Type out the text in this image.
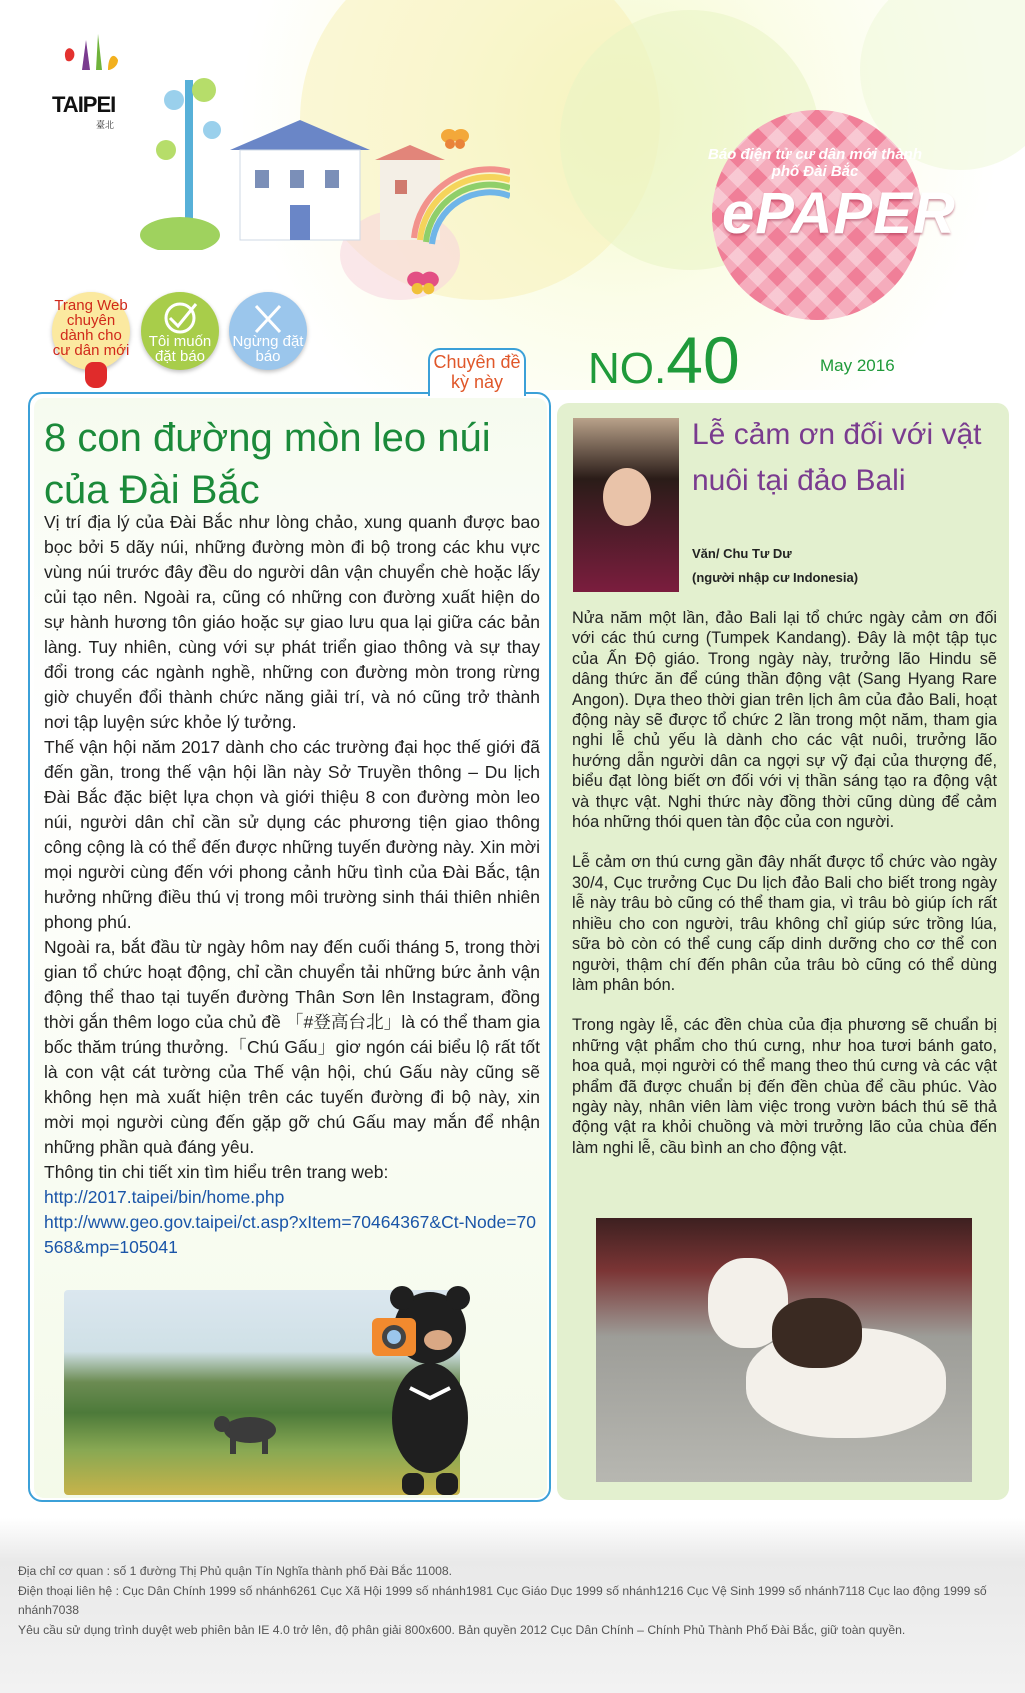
TAIPEI
臺北
Báo điện tử cư dân mới thành phố Đài Bắc
ePAPER
Trang Web chuyên dành cho cư dân mới
Tôi muốn đặt báo
Ngừng đặt báo	NO.40	May 2016
Chuyên đề kỳ này
8 con đường mòn leo núi của Đài Bắc

Vị trí địa lý của Đài Bắc như lòng chảo, xung quanh được bao bọc bởi 5 dãy núi, những đường mòn đi bộ trong các khu vực vùng núi trước đây đều do người dân vận chuyển chè hoặc lấy củi tạo nên. Ngoài ra, cũng có những con đường xuất hiện do sự hành hương tôn giáo hoặc sự giao lưu qua lại giữa các bản làng. Tuy nhiên, cùng với sự phát triển giao thông và sự thay đổi trong các ngành nghề, những con đường mòn trong rừng giờ chuyển đổi thành chức năng giải trí, và nó cũng trở thành nơi tập luyện sức khỏe lý tưởng.

Thế vận hội năm 2017 dành cho các trường đại học thế giới đã đến gần, trong thế vận hội lần này Sở Truyền thông – Du lịch Đài Bắc đặc biệt lựa chọn và giới thiệu 8 con đường mòn leo núi, người dân chỉ cần sử dụng các phương tiện giao thông công cộng là có thể đến được những tuyến đường này. Xin mời mọi người cùng đến với phong cảnh hữu tình của Đài Bắc, tận hưởng những điều thú vị trong môi trường sinh thái thiên nhiên phong phú.

Ngoài ra, bắt đầu từ ngày hôm nay đến cuối tháng 5, trong thời gian tổ chức hoạt động, chỉ cần chuyển tải những bức ảnh vận động thể thao tại tuyến đường Thân Sơn lên Instagram, đồng thời gắn thêm logo của chủ đề 「#登高台北」là có thể tham gia bốc thăm trúng thưởng.「Chú Gấu」giơ ngón cái biểu lộ rất tốt là con vật cát tường của Thế vận hội, chú Gấu này cũng sẽ không hẹn mà xuất hiện trên các tuyến đường đi bộ này, xin mời mọi người cùng đến gặp gỡ chú Gấu may mắn để nhận những phần quà đáng yêu.

Thông tin chi tiết xin tìm hiểu trên trang web:

http://2017.taipei/bin/home.php
http://www.geo.gov.taipei/ct.asp?xItem=70464367&Ct-Node=70568&mp=105041
Lễ cảm ơn đối với vật nuôi tại đảo Bali
Văn/ Chu Tư Dư
(người nhập cư Indonesia)

Nửa năm một lần, đảo Bali lại tổ chức ngày cảm ơn đối với các thú cưng (Tumpek Kandang). Đây là một tập tục của Ấn Độ giáo. Trong ngày này, trưởng lão Hindu sẽ dâng thức ăn để cúng thần động vật (Sang Hyang Rare Angon). Dựa theo thời gian trên lịch âm của đảo Bali, hoạt động này sẽ được tổ chức 2 lần trong một năm, tham gia nghi lễ chủ yếu là dành cho các vật nuôi, trưởng lão hướng dẫn người dân ca ngợi sự vỹ đại của thượng đế, biểu đạt lòng biết ơn đối với vị thần sáng tạo ra động vật và thực vật. Nghi thức này đồng thời cũng dùng để cảm hóa những thói quen tàn độc của con người.

Lễ cảm ơn thú cưng gần đây nhất được tổ chức vào ngày 30/4, Cục trưởng Cục Du lịch đảo Bali cho biết trong ngày lễ này trâu bò cũng có thể tham gia, vì trâu bò giúp ích rất nhiều cho con người, trâu không chỉ giúp sức trồng lúa, sữa bò còn có thể cung cấp dinh dưỡng cho cơ thể con người, thậm chí đến phân của trâu bò cũng có thể dùng làm phân bón.

Trong ngày lễ, các đền chùa của địa phương sẽ chuẩn bị những vật phẩm cho thú cưng, như hoa tươi bánh gato, hoa quả, mọi người có thể mang theo thú cưng và các vật phẩm đã được chuẩn bị đến đền chùa để cầu phúc. Vào ngày này, nhân viên làm việc trong vườn bách thú sẽ thả động vật ra khỏi chuồng và mời trưởng lão của chùa đến làm nghi lễ, cầu bình an cho động vật.

Địa chỉ cơ quan : số 1 đường Thị Phủ quận Tín Nghĩa thành phố Đài Bắc 11008.
Điện thoại liên hệ : Cục Dân Chính 1999 số nhánh6261 Cục Xã Hội 1999 số nhánh1981 Cục Giáo Dục 1999 số nhánh1216 Cục Vệ Sinh 1999 số nhánh7118 Cục lao động 1999 số nhánh7038
Yêu cầu sử dụng trình duyệt web phiên bản IE 4.0 trở lên, độ phân giải 800x600. Bản quyền 2012 Cục Dân Chính – Chính Phủ Thành Phố Đài Bắc, giữ toàn quyền.
